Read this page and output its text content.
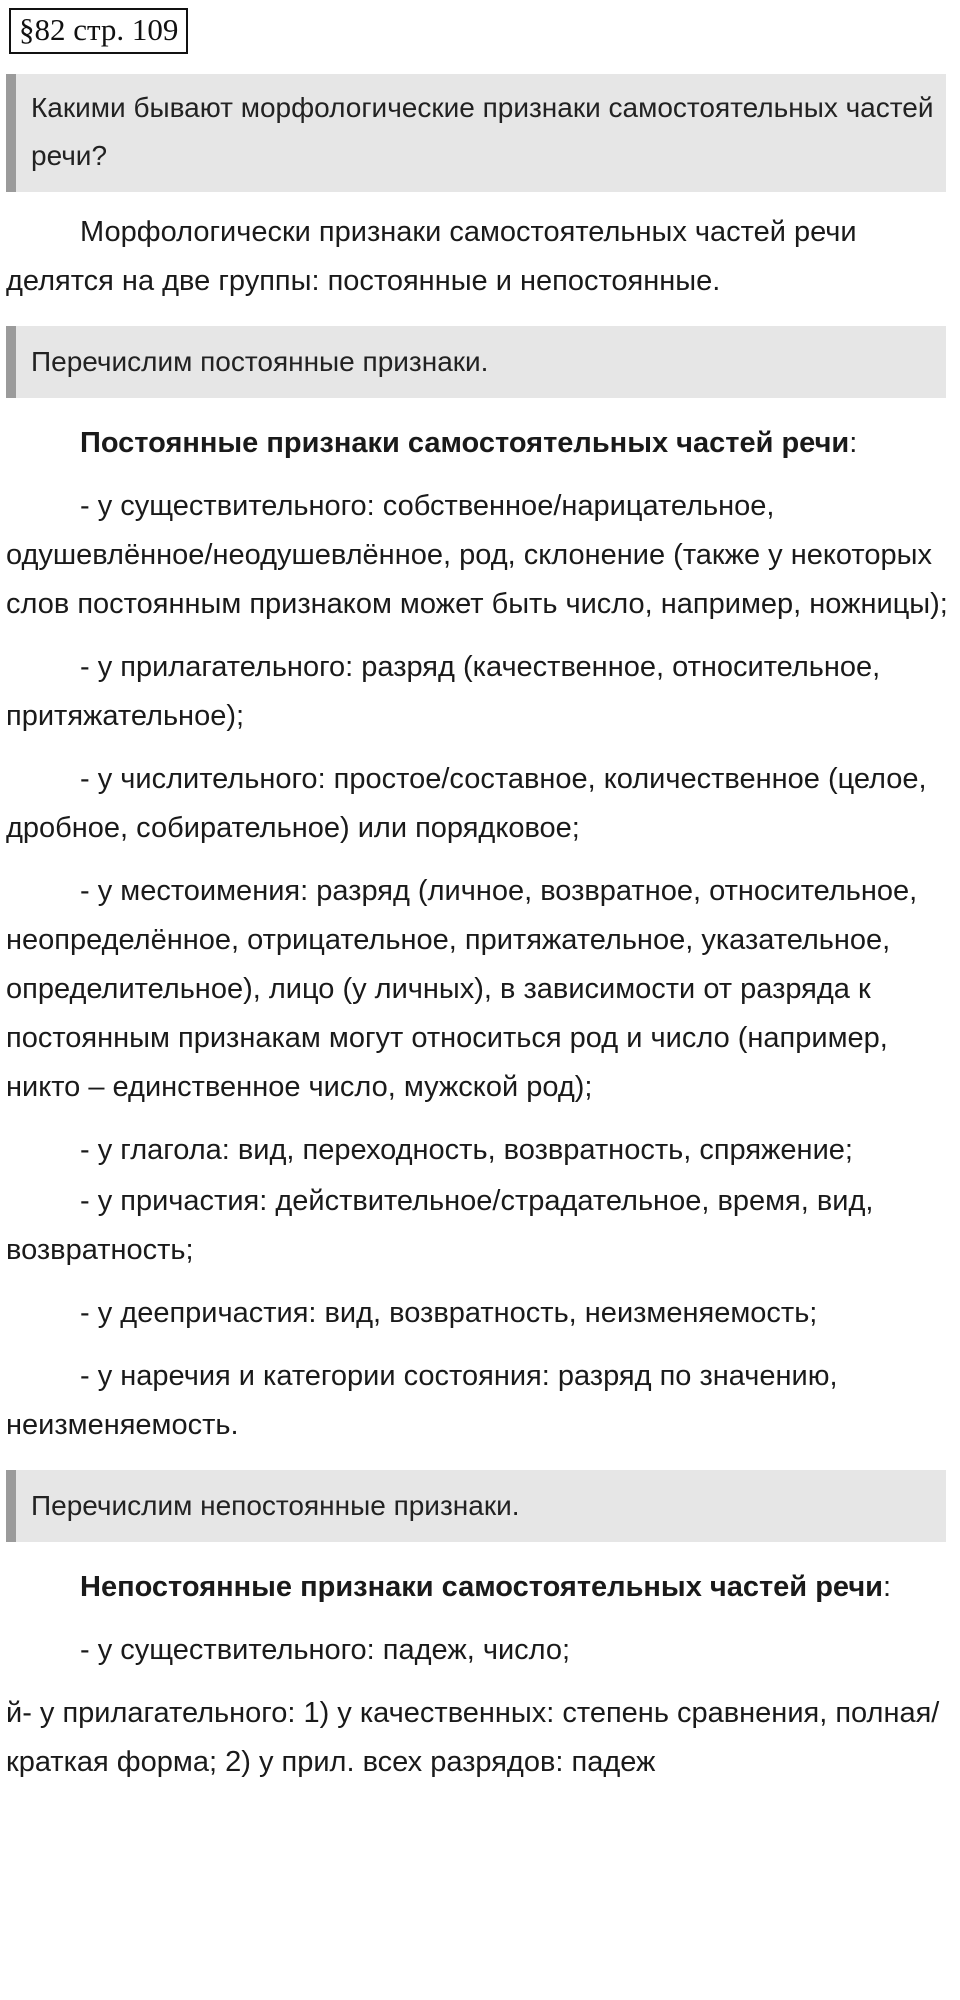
§82 стр. 109
Какими бывают морфологические признаки самостоятельных частей речи?

Морфологически признаки самостоятельных частей речи делятся на две группы: постоянные и непостоянные.

Перечислим постоянные признаки.

Постоянные признаки самостоятельных частей речи:

- у существительного: собственное/нарицательное, одушевлённое/неодушевлённое, род, склонение (также у некоторых слов постоянным признаком может быть число, например, ножницы);

- у прилагательного: разряд (качественное, относительное, притяжательное);

- у числительного: простое/составное, количественное (целое, дробное, собирательное) или порядковое;

- у местоимения: разряд (личное, возвратное, относительное, неопределённое, отрицательное, притяжательное, указательное, определительное), лицо (у личных), в зависимости от разряда к постоянным признакам могут относиться род и число (например, никто – единственное число, мужской род);

- у глагола: вид, переходность, возвратность, спряжение;

- у причастия: действительное/страдательное, время, вид, возвратность;

- у деепричастия: вид, возвратность, неизменяемость;

- у наречия и категории состояния: разряд по значению, неизменяемость.

Перечислим непостоянные признаки.

Непостоянные признаки самостоятельных частей речи:

- у существительного: падеж, число;

й- у прилагательного: 1) у качественных: степень сравнения, полная/краткая форма; 2) у прил. всех разрядов: падеж
